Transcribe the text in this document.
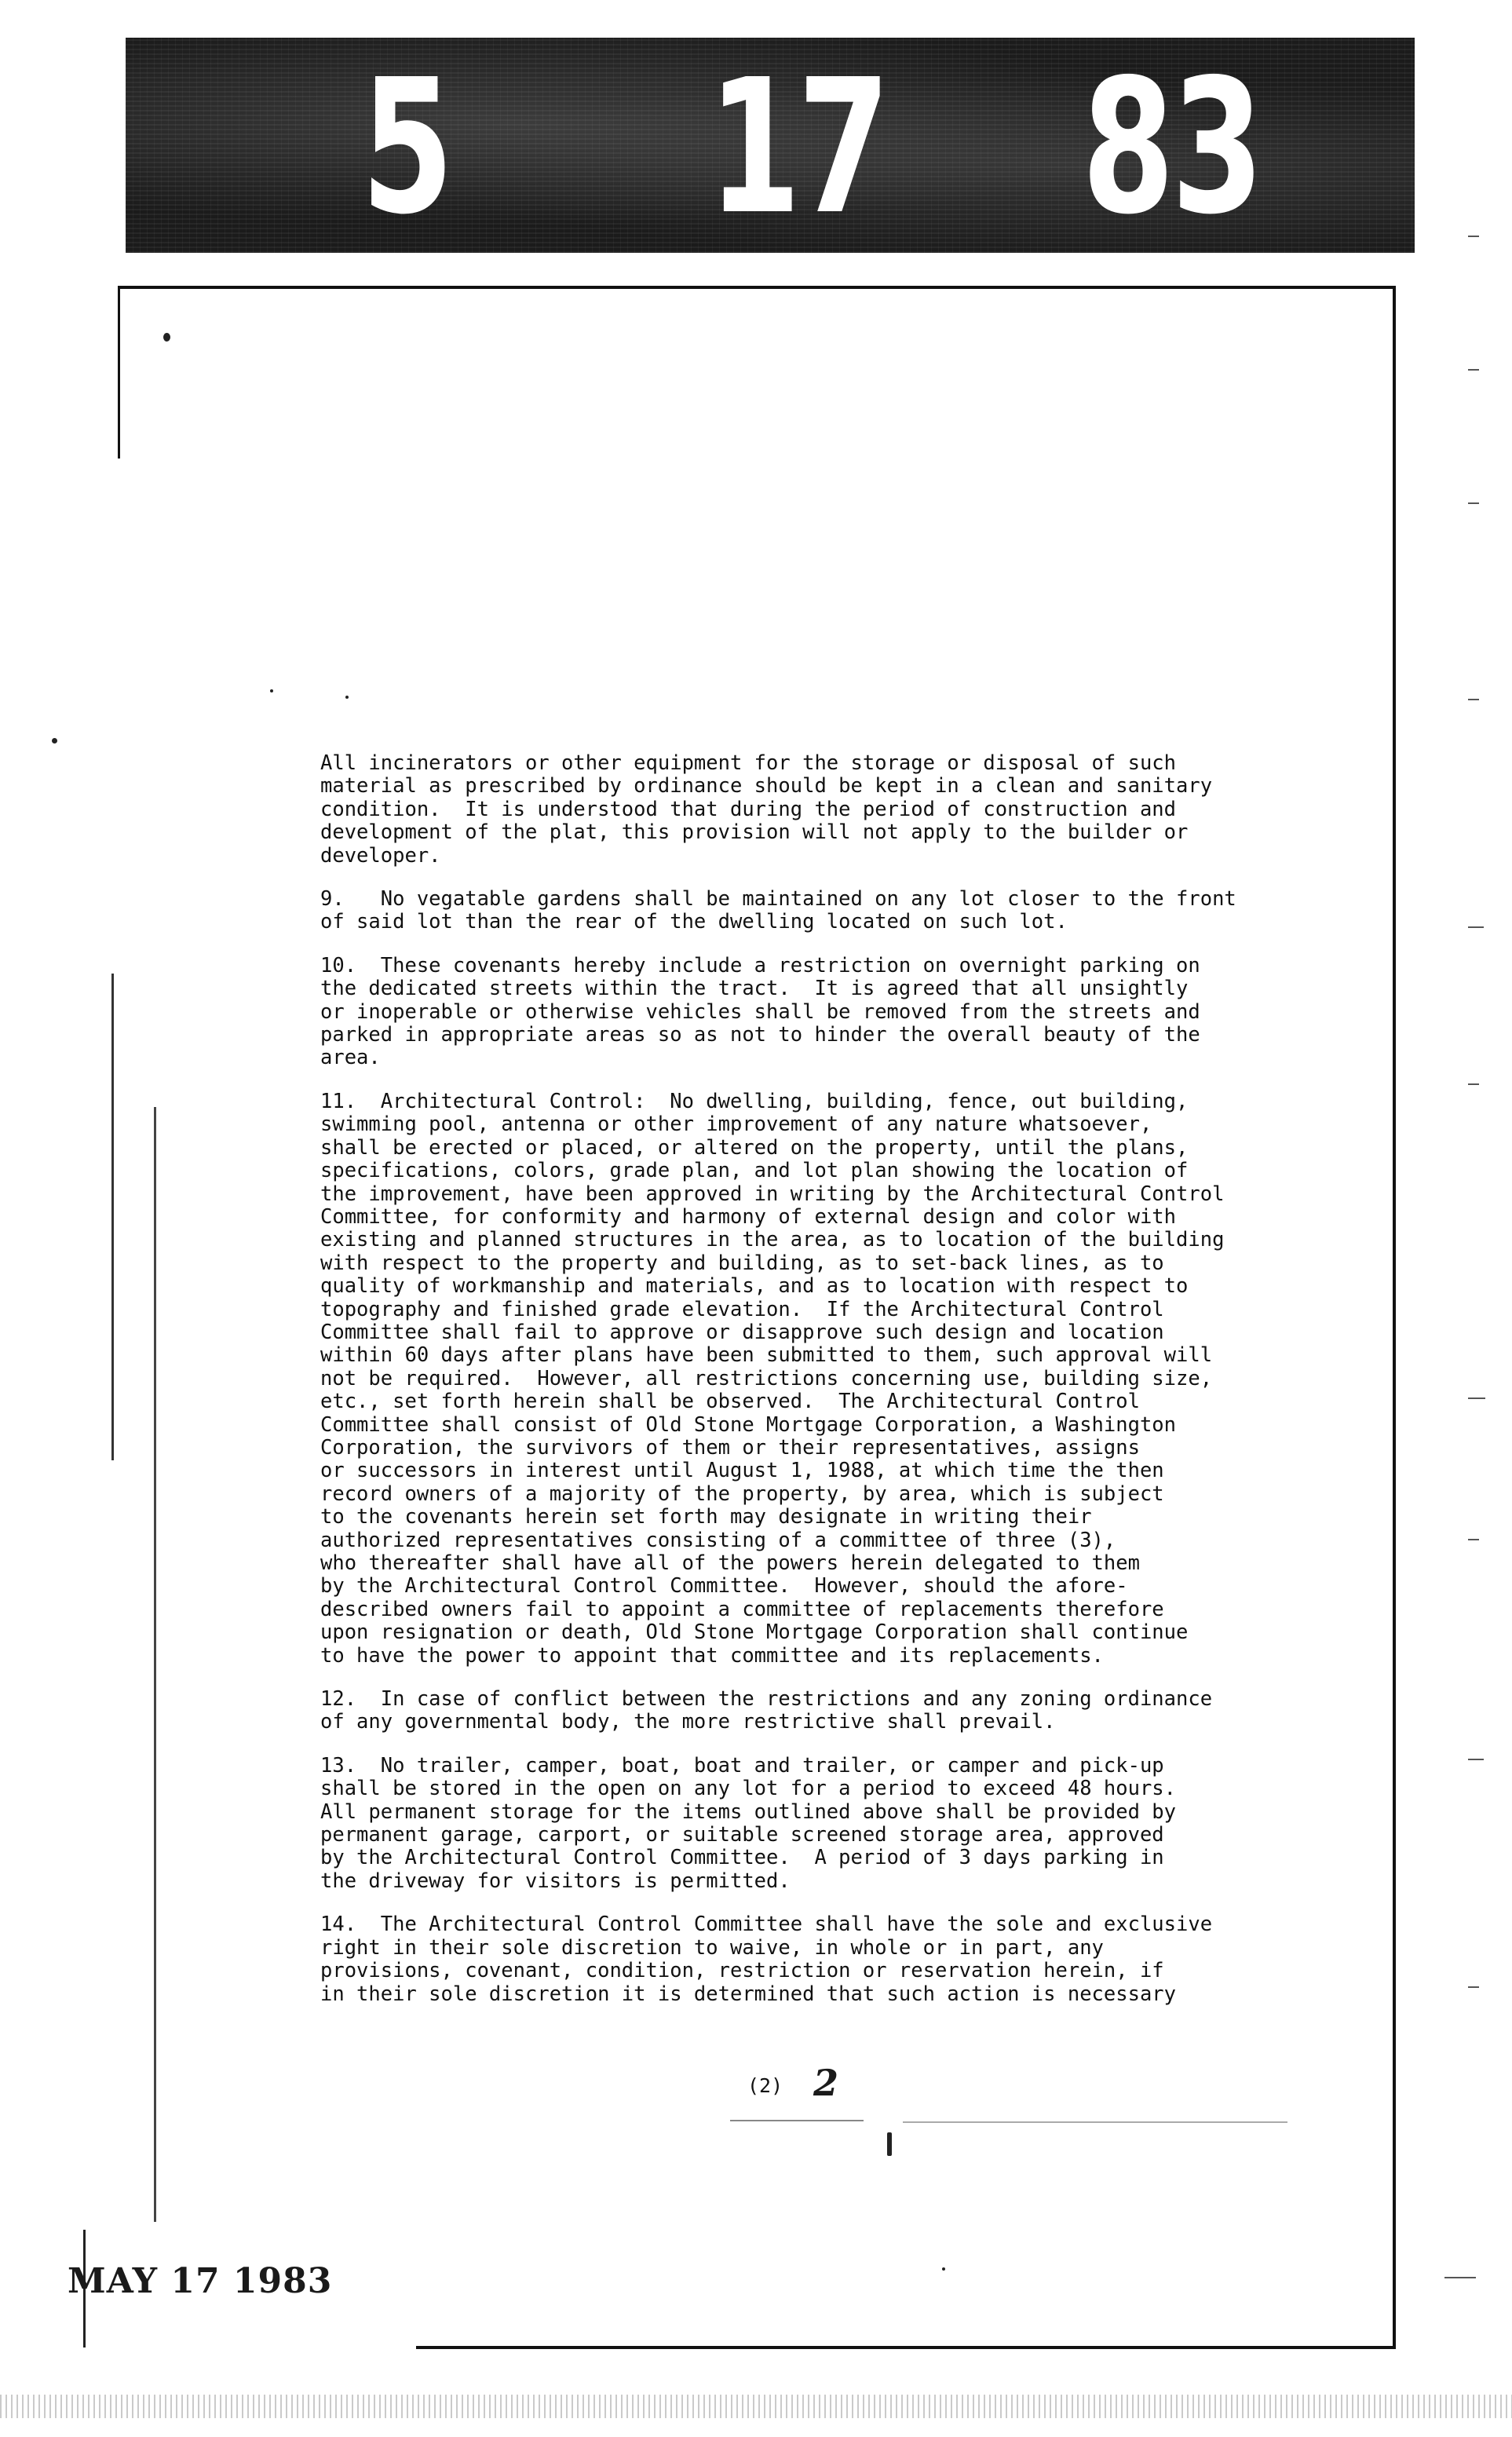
5 17 83

All incinerators or other equipment for the storage or disposal of such
material as prescribed by ordinance should be kept in a clean and sanitary
condition.  It is understood that during the period of construction and
development of the plat, this provision will not apply to the builder or
developer.

9.   No vegatable gardens shall be maintained on any lot closer to the front
of said lot than the rear of the dwelling located on such lot.

10.  These covenants hereby include a restriction on overnight parking on
the dedicated streets within the tract.  It is agreed that all unsightly
or inoperable or otherwise vehicles shall be removed from the streets and
parked in appropriate areas so as not to hinder the overall beauty of the
area.

11.  Architectural Control:  No dwelling, building, fence, out building,
swimming pool, antenna or other improvement of any nature whatsoever,
shall be erected or placed, or altered on the property, until the plans,
specifications, colors, grade plan, and lot plan showing the location of
the improvement, have been approved in writing by the Architectural Control
Committee, for conformity and harmony of external design and color with
existing and planned structures in the area, as to location of the building
with respect to the property and building, as to set-back lines, as to
quality of workmanship and materials, and as to location with respect to
topography and finished grade elevation.  If the Architectural Control
Committee shall fail to approve or disapprove such design and location
within 60 days after plans have been submitted to them, such approval will
not be required.  However, all restrictions concerning use, building size,
etc., set forth herein shall be observed.  The Architectural Control
Committee shall consist of Old Stone Mortgage Corporation, a Washington
Corporation, the survivors of them or their representatives, assigns
or successors in interest until August 1, 1988, at which time the then
record owners of a majority of the property, by area, which is subject
to the covenants herein set forth may designate in writing their
authorized representatives consisting of a committee of three (3),
who thereafter shall have all of the powers herein delegated to them
by the Architectural Control Committee.  However, should the afore-
described owners fail to appoint a committee of replacements therefore
upon resignation or death, Old Stone Mortgage Corporation shall continue
to have the power to appoint that committee and its replacements.

12.  In case of conflict between the restrictions and any zoning ordinance
of any governmental body, the more restrictive shall prevail.

13.  No trailer, camper, boat, boat and trailer, or camper and pick-up
shall be stored in the open on any lot for a period to exceed 48 hours.
All permanent storage for the items outlined above shall be provided by
permanent garage, carport, or suitable screened storage area, approved
by the Architectural Control Committee.  A period of 3 days parking in
the driveway for visitors is permitted.

14.  The Architectural Control Committee shall have the sole and exclusive
right in their sole discretion to waive, in whole or in part, any
provisions, covenant, condition, restriction or reservation herein, if
in their sole discretion it is determined that such action is necessary

(2) 2
MAY 17 1983
